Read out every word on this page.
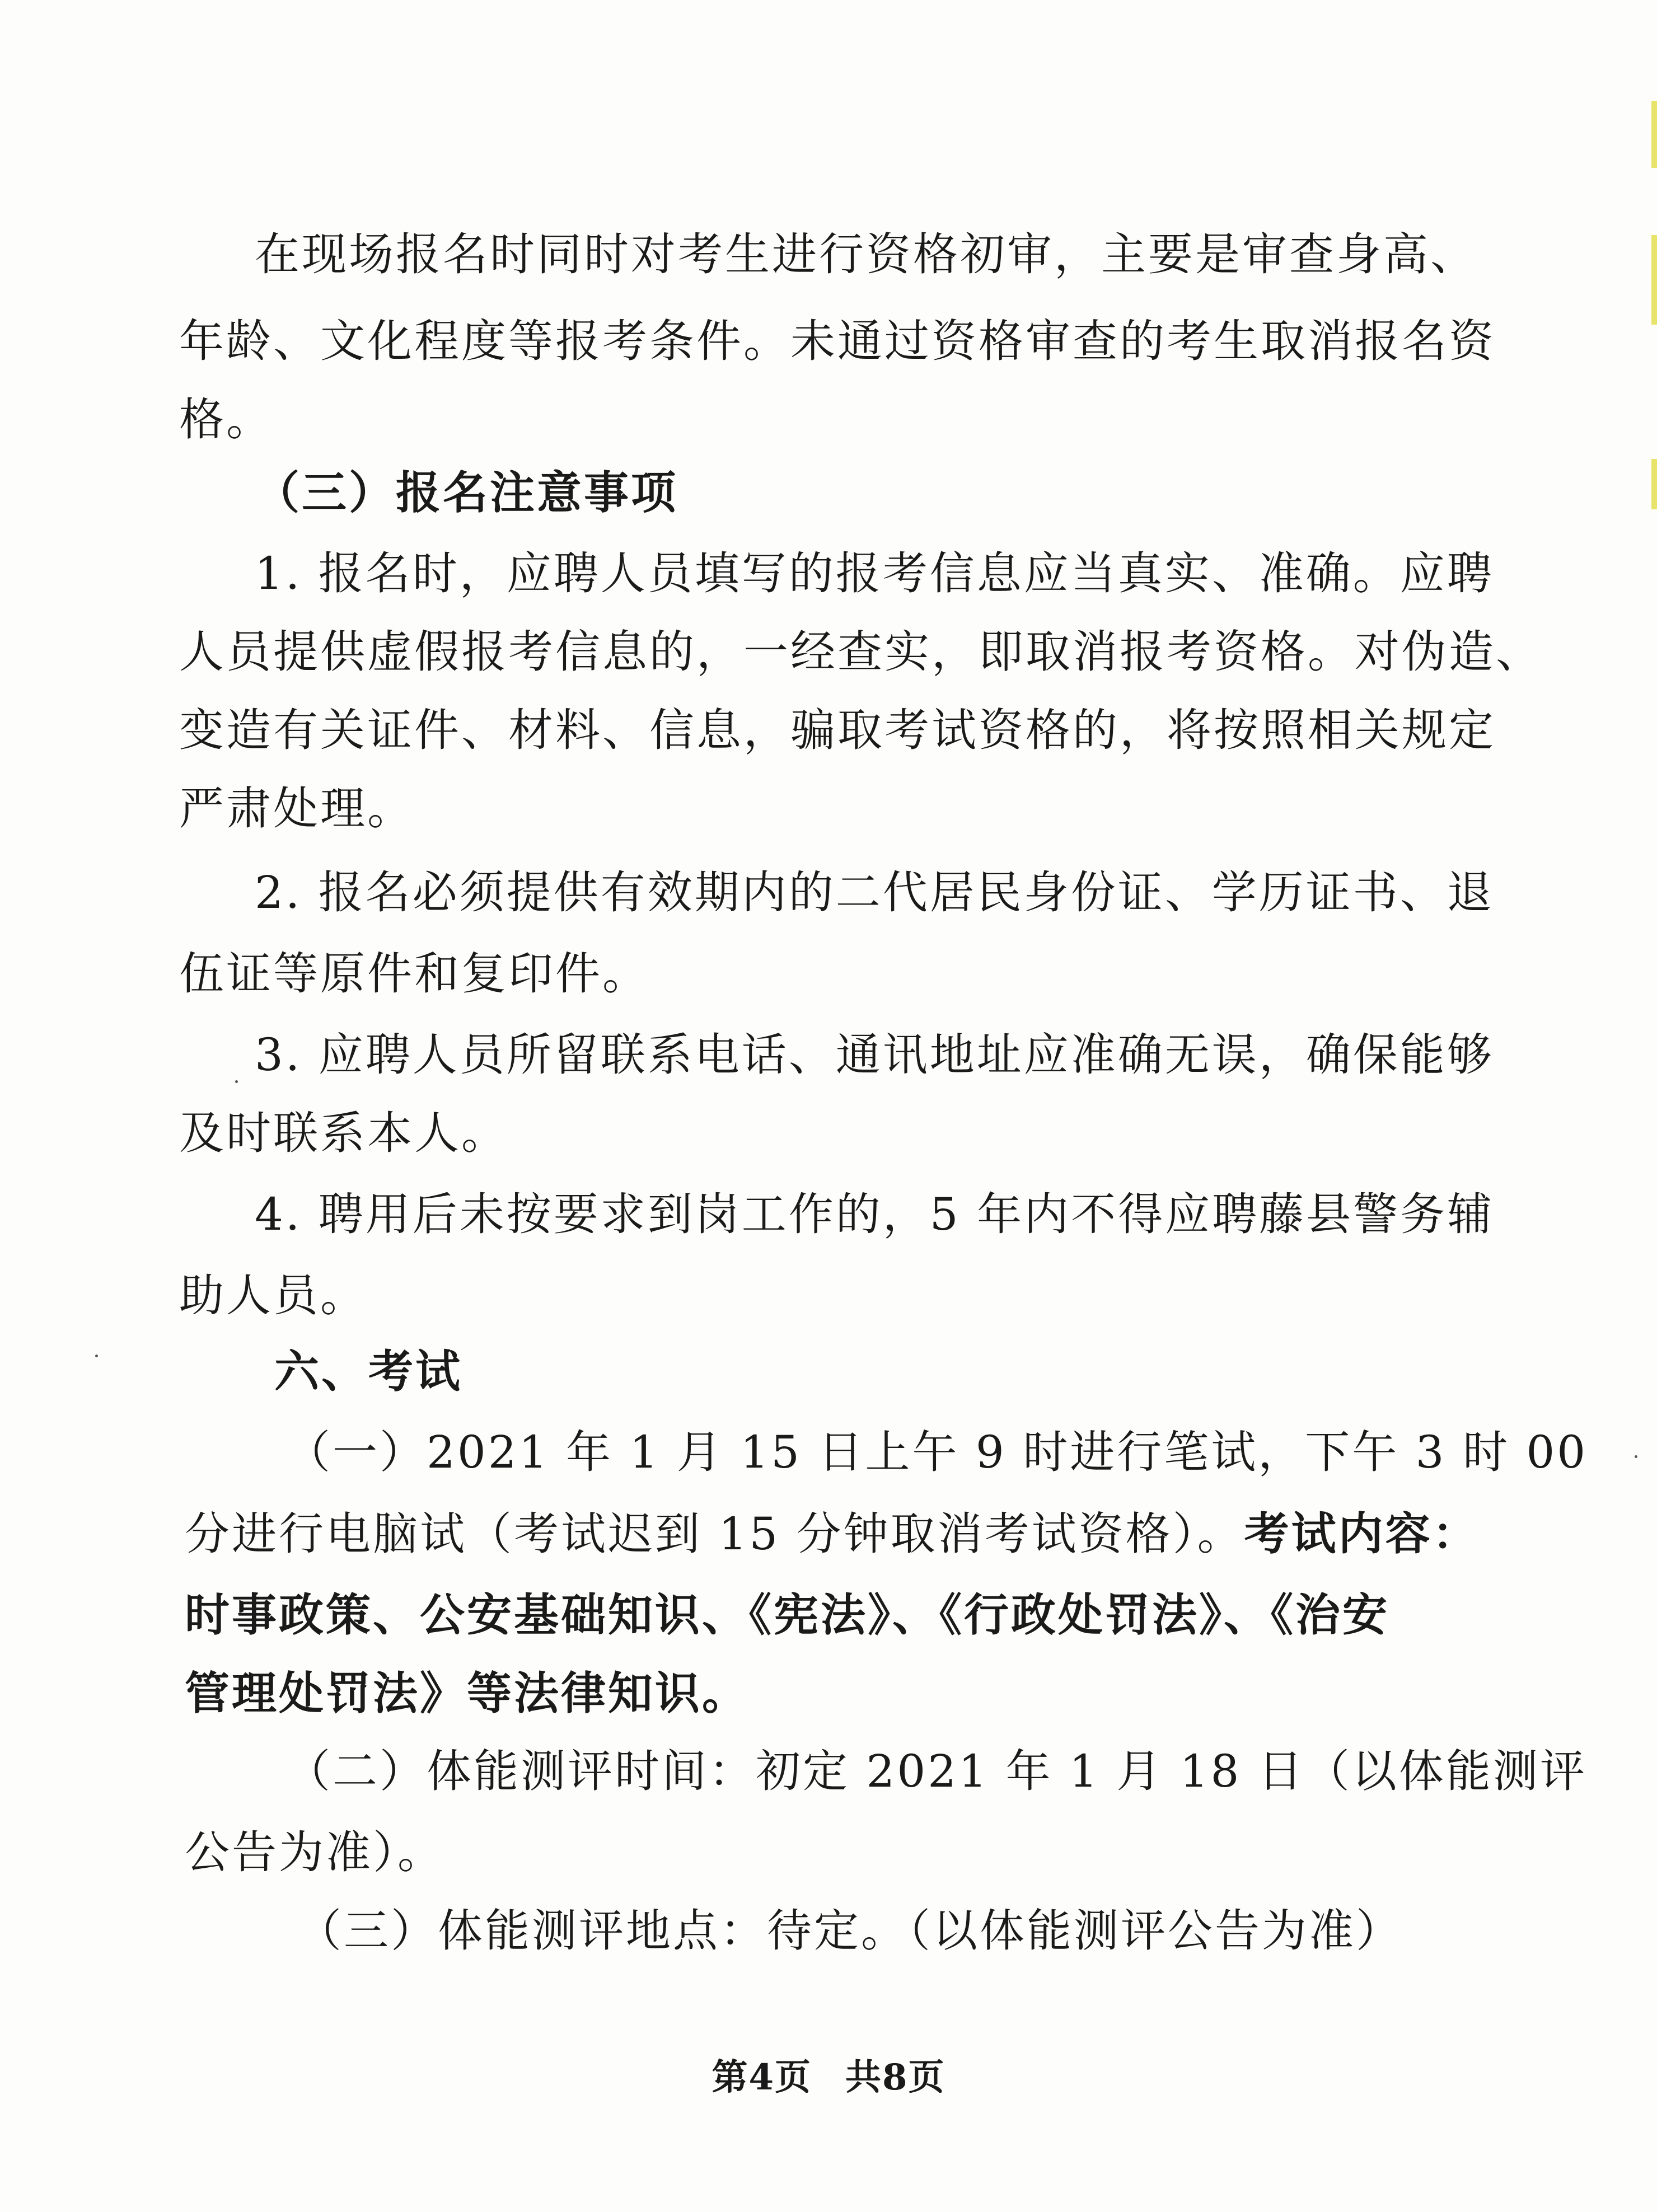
在现场报名时同时对考生进行资格初审，主要是审查身高、
年龄、文化程度等报考条件。未通过资格审查的考生取消报名资
格。
（三）报名注意事项
1. 报名时，应聘人员填写的报考信息应当真实、准确。应聘
人员提供虚假报考信息的，一经查实，即取消报考资格。对伪造、
变造有关证件、材料、信息，骗取考试资格的，将按照相关规定
严肃处理。
2. 报名必须提供有效期内的二代居民身份证、学历证书、退
伍证等原件和复印件。
3. 应聘人员所留联系电话、通讯地址应准确无误，确保能够
及时联系本人。
4. 聘用后未按要求到岗工作的，5 年内不得应聘藤县警务辅
助人员。
六、考试
（一）2021 年 1 月 15 日上午 9 时进行笔试，下午 3 时 00
分进行电脑试（考试迟到 15 分钟取消考试资格）。考试内容：
时事政策、公安基础知识、《宪法》、《行政处罚法》、《治安
管理处罚法》等法律知识。
（二）体能测评时间：初定 2021 年 1 月 18 日（以体能测评
公告为准）。
（三）体能测评地点：待定。（以体能测评公告为准）
第4页 共8页
